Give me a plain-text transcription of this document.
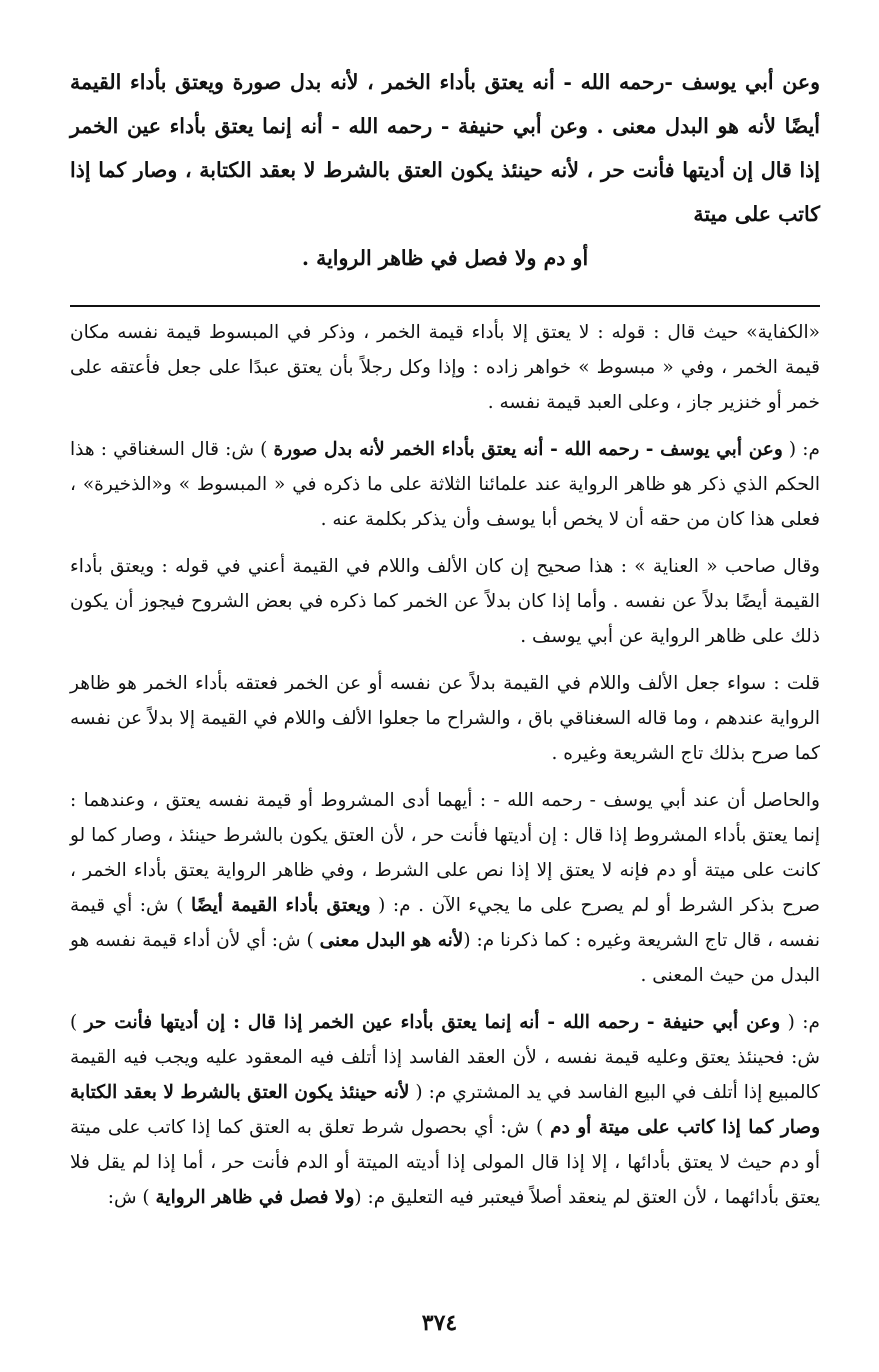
وعن أبي يوسف -رحمه الله - أنه يعتق بأداء الخمر ، لأنه بدل صورة ويعتق بأداء القيمة أيضًا لأنه هو البدل معنى . وعن أبي حنيفة - رحمه الله - أنه إنما يعتق بأداء عين الخمر إذا قال إن أديتها فأنت حر ، لأنه حينئذ يكون العتق بالشرط لا بعقد الكتابة ، وصار كما إذا كاتب على ميتة

أو دم ولا فصل في ظاهر الرواية .

«الكفاية» حيث قال : قوله : لا يعتق إلا بأداء قيمة الخمر ، وذكر في المبسوط قيمة نفسه مكان قيمة الخمر ، وفي « مبسوط » خواهر زاده : وإذا وكل رجلاً بأن يعتق عبدًا على جعل فأعتقه على خمر أو خنزير جاز ، وعلى العبد قيمة نفسه .

م: ( وعن أبي يوسف - رحمه الله - أنه يعتق بأداء الخمر لأنه بدل صورة ) ش: قال السغناقي : هذا الحكم الذي ذكر هو ظاهر الرواية عند علمائنا الثلاثة على ما ذكره في « المبسوط » و«الذخيرة» ، فعلى هذا كان من حقه أن لا يخص أبا يوسف وأن يذكر بكلمة عنه .

وقال صاحب « العناية » : هذا صحيح إن كان الألف واللام في القيمة أعني في قوله : ويعتق بأداء القيمة أيضًا بدلاً عن نفسه . وأما إذا كان بدلاً عن الخمر كما ذكره في بعض الشروح فيجوز أن يكون ذلك على ظاهر الرواية عن أبي يوسف .

قلت : سواء جعل الألف واللام في القيمة بدلاً عن نفسه أو عن الخمر فعتقه بأداء الخمر هو ظاهر الرواية عندهم ، وما قاله السغناقي باق ، والشراح ما جعلوا الألف واللام في القيمة إلا بدلاً عن نفسه كما صرح بذلك تاج الشريعة وغيره .

والحاصل أن عند أبي يوسف - رحمه الله - : أيهما أدى المشروط أو قيمة نفسه يعتق ، وعندهما : إنما يعتق بأداء المشروط إذا قال : إن أديتها فأنت حر ، لأن العتق يكون بالشرط حينئذ ، وصار كما لو كانت على ميتة أو دم فإنه لا يعتق إلا إذا نص على الشرط ، وفي ظاهر الرواية يعتق بأداء الخمر ، صرح بذكر الشرط أو لم يصرح على ما يجيء الآن . م: ( ويعتق بأداء القيمة أيضًا ) ش: أي قيمة نفسه ، قال تاج الشريعة وغيره : كما ذكرنا م: (لأنه هو البدل معنى ) ش: أي لأن أداء قيمة نفسه هو البدل من حيث المعنى .

م: ( وعن أبي حنيفة - رحمه الله - أنه إنما يعتق بأداء عين الخمر إذا قال : إن أديتها فأنت حر ) ش: فحينئذ يعتق وعليه قيمة نفسه ، لأن العقد الفاسد إذا أتلف فيه المعقود عليه ويجب فيه القيمة كالمبيع إذا أتلف في البيع الفاسد في يد المشتري م: ( لأنه حينئذ يكون العتق بالشرط لا بعقد الكتابة وصار كما إذا كاتب على ميتة أو دم ) ش: أي بحصول شرط تعلق به العتق كما إذا كاتب على ميتة أو دم حيث لا يعتق بأدائها ، إلا إذا قال المولى إذا أديته الميتة أو الدم فأنت حر ، أما إذا لم يقل فلا يعتق بأدائهما ، لأن العتق لم ينعقد أصلاً فيعتبر فيه التعليق م: (ولا فصل في ظاهر الرواية ) ش:

٣٧٤
